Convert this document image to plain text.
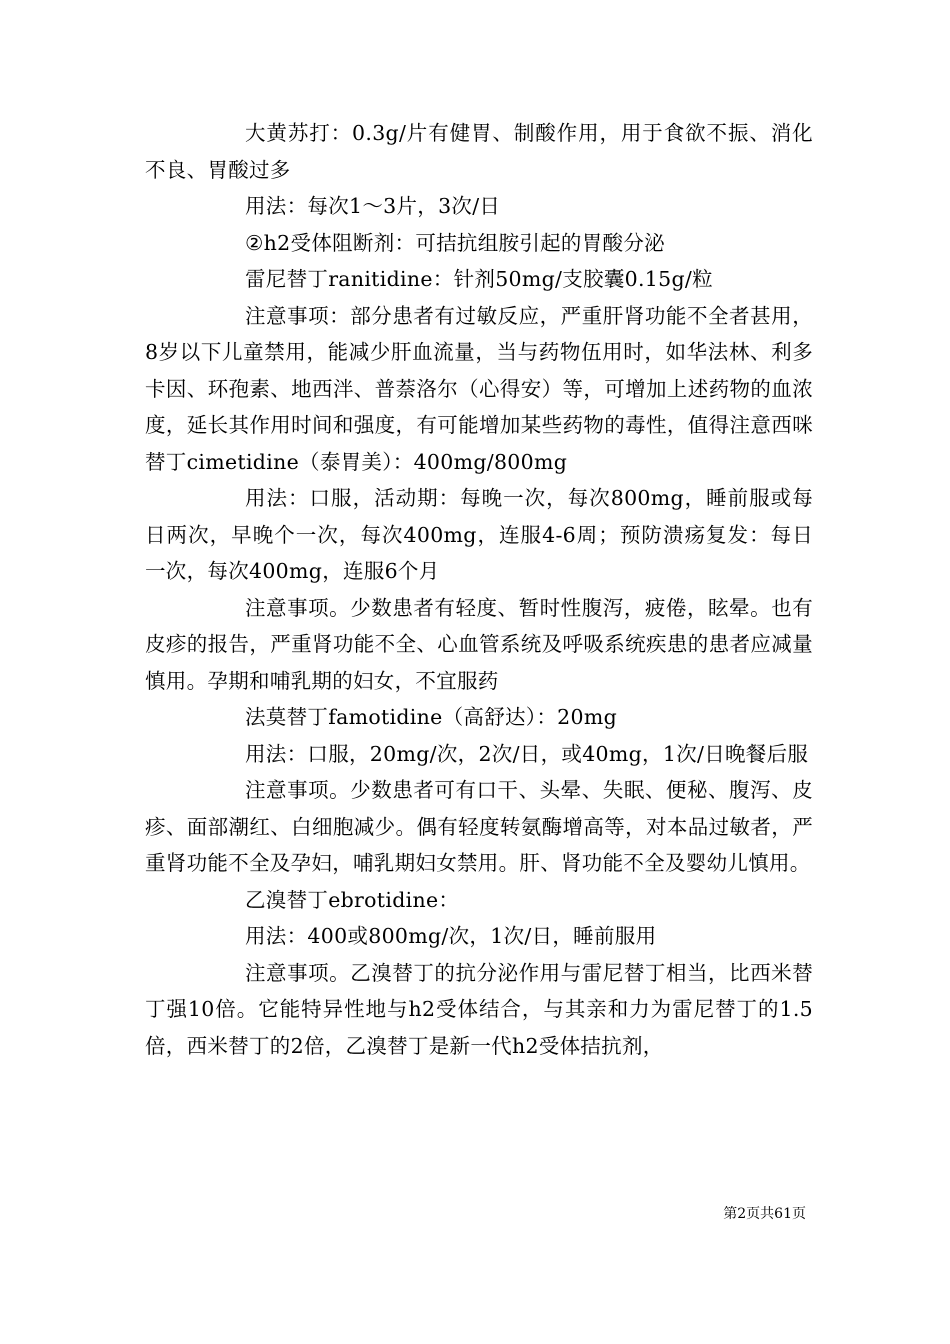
大黄苏打：0.3g/片有健胃、制酸作用，用于食欲不振、消化不良、胃酸过多

用法：每次1～3片，3次/日

②h2受体阻断剂：可拮抗组胺引起的胃酸分泌

雷尼替丁ranitidine：针剂50mg/支胶囊0.15g/粒

注意事项：部分患者有过敏反应，严重肝肾功能不全者甚用，8岁以下儿童禁用，能减少肝血流量，当与药物伍用时，如华法林、利多卡因、环孢素、地西泮、普萘洛尔（心得安）等，可增加上述药物的血浓度，延长其作用时间和强度，有可能增加某些药物的毒性，值得注意西咪替丁cimetidine（泰胃美）：400mg/800mg

用法：口服，活动期：每晚一次，每次800mg，睡前服或每日两次，早晚个一次，每次400mg，连服4-6周；预防溃疡复发：每日一次，每次400mg，连服6个月

注意事项。少数患者有轻度、暂时性腹泻，疲倦，眩晕。也有皮疹的报告，严重肾功能不全、心血管系统及呼吸系统疾患的患者应减量慎用。孕期和哺乳期的妇女，不宜服药

法莫替丁famotidine（高舒达）：20mg

用法：口服，20mg/次，2次/日，或40mg，1次/日晚餐后服

注意事项。少数患者可有口干、头晕、失眠、便秘、腹泻、皮疹、面部潮红、白细胞减少。偶有轻度转氨酶增高等，对本品过敏者，严重肾功能不全及孕妇，哺乳期妇女禁用。肝、肾功能不全及婴幼儿慎用。

乙溴替丁ebrotidine：

用法：400或800mg/次，1次/日，睡前服用

注意事项。乙溴替丁的抗分泌作用与雷尼替丁相当，比西米替丁强10倍。它能特异性地与h2受体结合，与其亲和力为雷尼替丁的1.5倍，西米替丁的2倍，乙溴替丁是新一代h2受体拮抗剂，

第2页共61页
